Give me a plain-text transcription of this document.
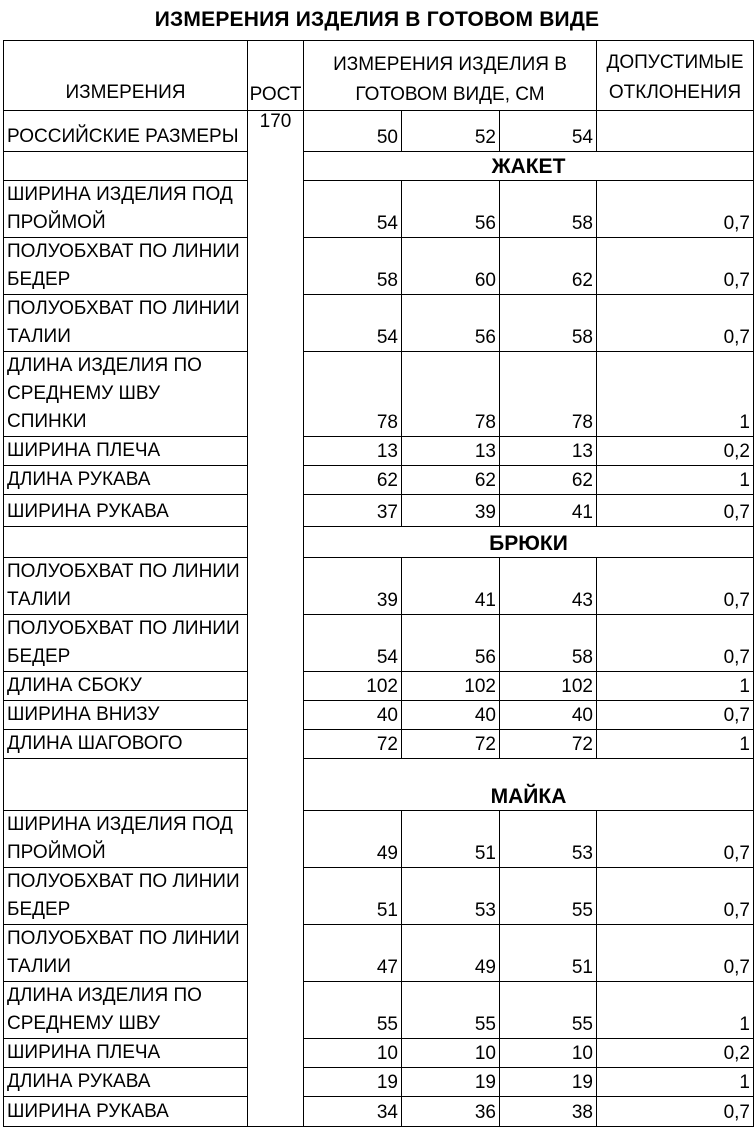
ИЗМЕРЕНИЯ ИЗДЕЛИЯ В ГОТОВОМ ВИДЕ
ИЗМЕРЕНИЯ	РОСТ	ИЗМЕРЕНИЯ ИЗДЕЛИЯ В ГОТОВОМ ВИДЕ, СМ			ДОПУСТИМЫЕ ОТКЛОНЕНИЯ
РОССИЙСКИЕ РАЗМЕРЫ	170	50	52	54	
		ЖАКЕТ			
ШИРИНА ИЗДЕЛИЯ ПОД ПРОЙМОЙ		54	56	58	0,7
ПОЛУОБХВАТ ПО ЛИНИИ БЕДЕР		58	60	62	0,7
ПОЛУОБХВАТ ПО ЛИНИИ ТАЛИИ		54	56	58	0,7
ДЛИНА ИЗДЕЛИЯ ПО СРЕДНЕМУ ШВУ СПИНКИ		78	78	78	1
ШИРИНА ПЛЕЧА		13	13	13	0,2
ДЛИНА РУКАВА		62	62	62	1
ШИРИНА РУКАВА		37	39	41	0,7
		БРЮКИ			
ПОЛУОБХВАТ ПО ЛИНИИ ТАЛИИ		39	41	43	0,7
ПОЛУОБХВАТ ПО ЛИНИИ БЕДЕР		54	56	58	0,7
ДЛИНА СБОКУ		102	102	102	1
ШИРИНА ВНИЗУ		40	40	40	0,7
ДЛИНА ШАГОВОГО		72	72	72	1
		МАЙКА			
ШИРИНА ИЗДЕЛИЯ ПОД ПРОЙМОЙ		49	51	53	0,7
ПОЛУОБХВАТ ПО ЛИНИИ БЕДЕР		51	53	55	0,7
ПОЛУОБХВАТ ПО ЛИНИИ ТАЛИИ		47	49	51	0,7
ДЛИНА ИЗДЕЛИЯ ПО СРЕДНЕМУ ШВУ		55	55	55	1
ШИРИНА ПЛЕЧА		10	10	10	0,2
ДЛИНА РУКАВА		19	19	19	1
ШИРИНА РУКАВА		34	36	38	0,7
